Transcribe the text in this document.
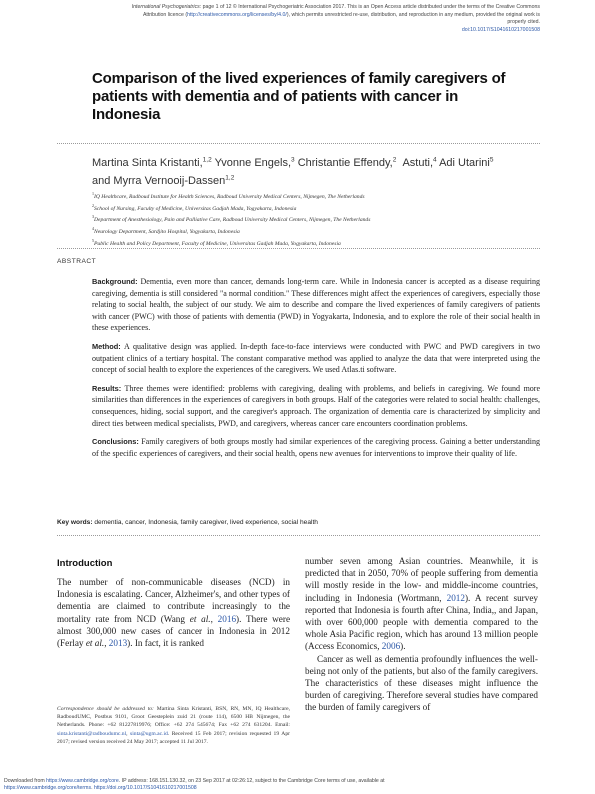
International Psychogeriatrics: page 1 of 12 © International Psychogeriatric Association 2017. This is an Open Access article distributed under the terms of the Creative Commons
Attribution licence (http://creativecommons.org/licenses/by/4.0/), which permits unrestricted re-use, distribution, and reproduction in any medium, provided the original work is
properly cited.
doi:10.1017/S1041610217001508
Comparison of the lived experiences of family caregivers of patients with dementia and of patients with cancer in Indonesia
Martina Sinta Kristanti,$^{1,2}$ Yvonne Engels,$^3$ Christantie Effendy,$^2$ Astuti,$^4$ Adi Utarini$^5$
and Myrra Vernooij-Dassen$^{1,2}$
$^1$IQ Healthcare, Radboud Institute for Health Sciences, Radboud University Medical Centers, Nijmegen, The Netherlands
$^2$School of Nursing, Faculty of Medicine, Universitas Gadjah Mada, Yogyakarta, Indonesia
$^3$Department of Anesthesiology, Pain and Palliative Care, Radboud University Medical Centers, Nijmegen, The Netherlands
$^4$Neurology Department, Sardjito Hospital, Yogyakarta, Indonesia
$^5$Public Health and Policy Department, Faculty of Medicine, Universitas Gadjah Mada, Yogyakarta, Indonesia
ABSTRACT

Background: Dementia, even more than cancer, demands long-term care. While in Indonesia cancer is accepted as a disease requiring caregiving, dementia is still considered "a normal condition." These differences might affect the experiences of caregivers, especially those relating to social health, the subject of our study. We aim to describe and compare the lived experiences of family caregivers of patients with cancer (PWC) with those of patients with dementia (PWD) in Yogyakarta, Indonesia, and to explore the role of their social health in these experiences.

Method: A qualitative design was applied. In-depth face-to-face interviews were conducted with PWC and PWD caregivers in two outpatient clinics of a tertiary hospital. The constant comparative method was applied to analyze the data that were interpreted using the concept of social health to explore the experiences of the caregivers. We used Atlas.ti software.

Results: Three themes were identified: problems with caregiving, dealing with problems, and beliefs in caregiving. We found more similarities than differences in the experiences of caregivers in both groups. Half of the categories were related to social health: challenges, consequences, hiding, social support, and the caregiver's approach. The organization of dementia care is characterized by simplicity and direct ties between medical specialists, PWD, and caregivers, whereas cancer care encounters coordination problems.

Conclusions: Family caregivers of both groups mostly had similar experiences of the caregiving process. Gaining a better understanding of the specific experiences of caregivers, and their social health, opens new avenues for interventions to improve their quality of life.

Key words: dementia, cancer, Indonesia, family caregiver, lived experience, social health
Introduction

The number of non-communicable diseases (NCD) in Indonesia is escalating. Cancer, Alzheimer's, and other types of dementia are claimed to contribute increasingly to the mortality rate from NCD (Wang et al., 2016). There were almost 300,000 new cases of cancer in Indonesia in 2012 (Ferlay et al., 2013). In fact, it is ranked

Correspondence should be addressed to: Martina Sinta Kristanti, BSN, RN, MN, IQ Healthcare, RadboudUMC, Postbus 9101, Groot Geesteplein zuid 21 (route 114), 6500 HB Nijmegen, the Netherlands. Phone: +62 81227819976; Office: +62 274 545674; Fax +62 274 631204. Email: sinta.kristanti@radboudumc.nl, sinta@ugm.ac.id. Received 15 Feb 2017; revision requested 19 Apr 2017; revised version received 24 May 2017; accepted 11 Jul 2017.

number seven among Asian countries. Meanwhile, it is predicted that in 2050, 70% of people suffering from dementia will mostly reside in the low- and middle-income countries, including in Indonesia (Wortmann, 2012). A recent survey reported that Indonesia is fourth after China, India,, and Japan, with over 600,000 people with dementia compared to the whole Asia Pacific region, which has around 13 million people (Access Economics, 2006).

Cancer as well as dementia profoundly influences the well-being not only of the patients, but also of the family caregivers. The characteristics of these diseases might influence the burden of caregiving. Therefore several studies have compared the burden of family caregivers of

Downloaded from https://www.cambridge.org/core. IP address: 168.151.130.32, on 23 Sep 2017 at 02:26:12, subject to the Cambridge Core terms of use, available at
https://www.cambridge.org/core/terms. https://doi.org/10.1017/S1041610217001508
